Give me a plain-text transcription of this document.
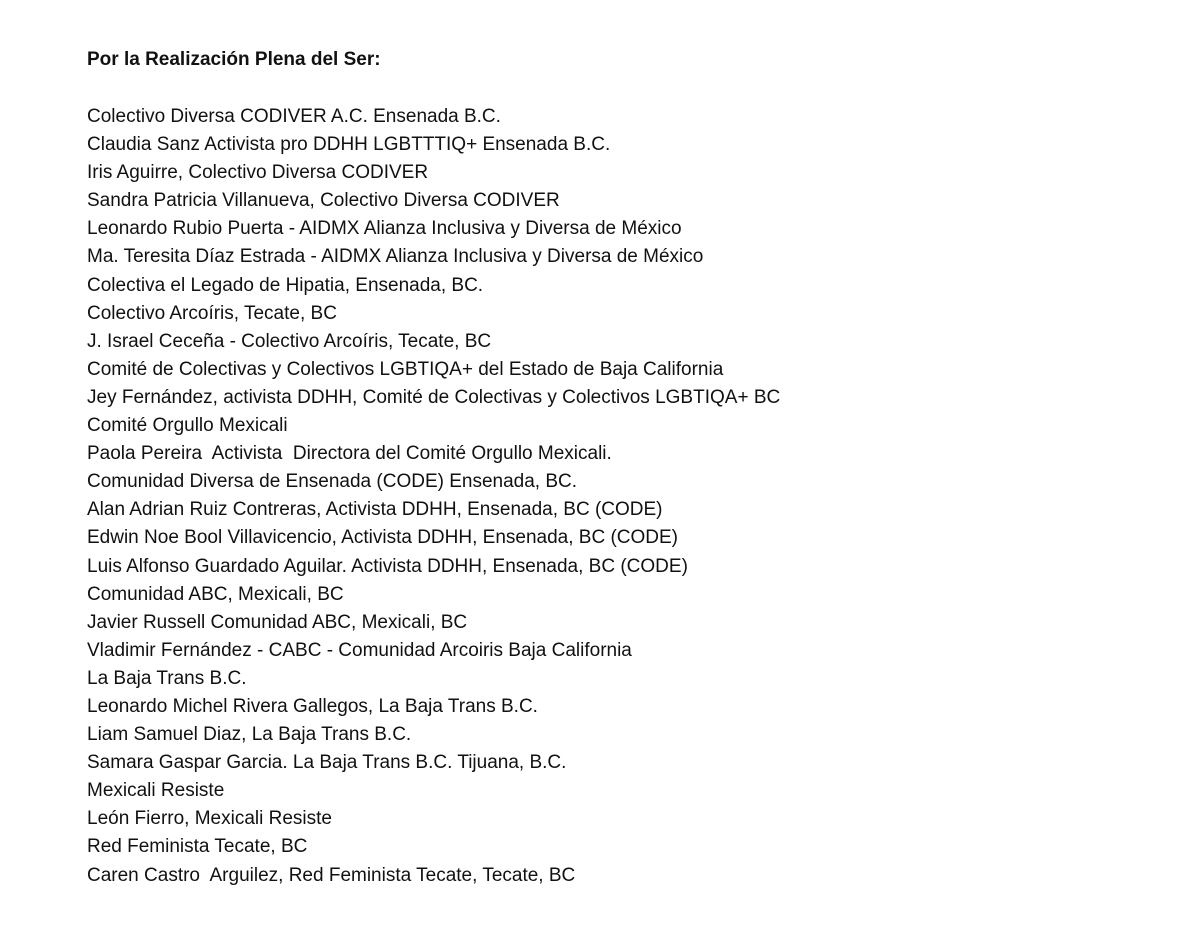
Por la Realización Plena del Ser:
Colectivo Diversa CODIVER A.C. Ensenada B.C.
Claudia Sanz Activista pro DDHH LGBTTTIQ+ Ensenada B.C.
Iris Aguirre, Colectivo Diversa CODIVER
Sandra Patricia Villanueva, Colectivo Diversa CODIVER
Leonardo Rubio Puerta - AIDMX Alianza Inclusiva y Diversa de México
Ma. Teresita Díaz Estrada - AIDMX Alianza Inclusiva y Diversa de México
Colectiva el Legado de Hipatia, Ensenada, BC.
Colectivo Arcoíris, Tecate, BC
J. Israel Ceceña - Colectivo Arcoíris, Tecate, BC
Comité de Colectivas y Colectivos LGBTIQA+ del Estado de Baja California
Jey Fernández, activista DDHH, Comité de Colectivas y Colectivos LGBTIQA+ BC
Comité Orgullo Mexicali
Paola Pereira  Activista  Directora del Comité Orgullo Mexicali.
Comunidad Diversa de Ensenada (CODE) Ensenada, BC.
Alan Adrian Ruiz Contreras, Activista DDHH, Ensenada, BC (CODE)
Edwin Noe Bool Villavicencio, Activista DDHH, Ensenada, BC (CODE)
Luis Alfonso Guardado Aguilar. Activista DDHH, Ensenada, BC (CODE)
Comunidad ABC, Mexicali, BC
Javier Russell Comunidad ABC, Mexicali, BC
Vladimir Fernández - CABC - Comunidad Arcoiris Baja California
La Baja Trans B.C.
Leonardo Michel Rivera Gallegos, La Baja Trans B.C.
Liam Samuel Diaz, La Baja Trans B.C.
Samara Gaspar Garcia. La Baja Trans B.C. Tijuana, B.C.
Mexicali Resiste
León Fierro, Mexicali Resiste
Red Feminista Tecate, BC
Caren Castro  Arguilez, Red Feminista Tecate, Tecate, BC
